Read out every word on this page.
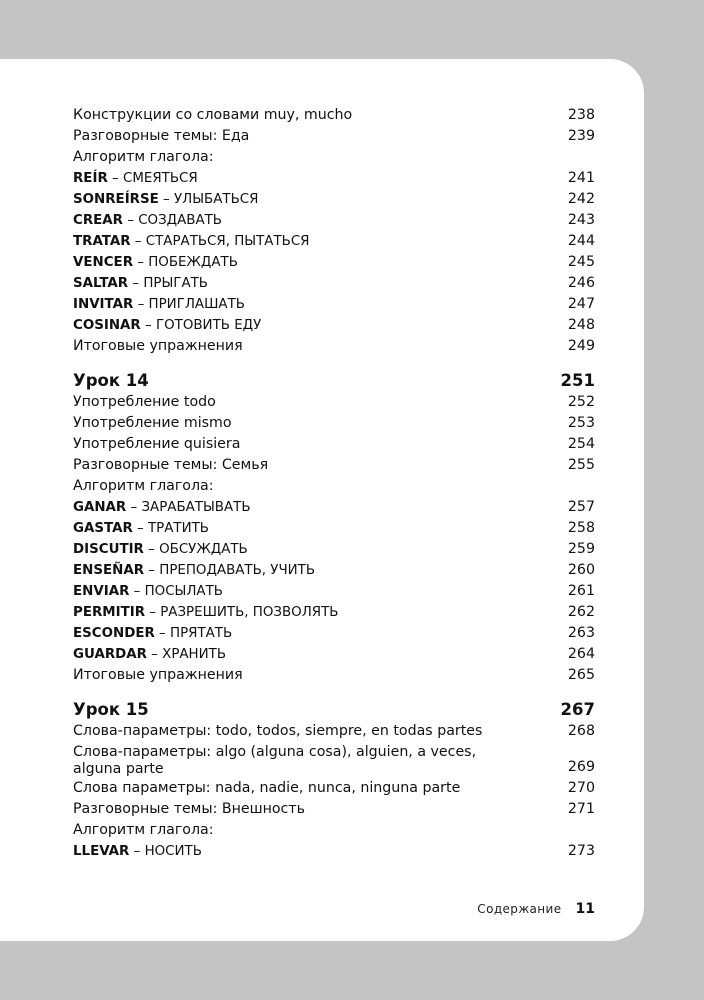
Конструкции со словами muy, mucho	238
Разговорные темы: Еда	239
Алгоритм глагола:
REÍR – СМЕЯТЬСЯ	241
SONREÍRSE – УЛЫБАТЬСЯ	242
CREAR – СОЗДАВАТЬ	243
TRATAR – СТАРАТЬСЯ, ПЫТАТЬСЯ	244
VENCER – ПОБЕЖДАТЬ	245
SALTAR – ПРЫГАТЬ	246
INVITAR – ПРИГЛАШАТЬ	247
COSINAR – ГОТОВИТЬ ЕДУ	248
Итоговые упражнения	249
Урок 14	251
Употребление todo	252
Употребление mismo	253
Употребление quisiera	254
Разговорные темы: Семья	255
Алгоритм глагола:
GANAR – ЗАРАБАТЫВАТЬ	257
GASTAR – ТРАТИТЬ	258
DISCUTIR – ОБСУЖДАТЬ	259
ENSEÑAR – ПРЕПОДАВАТЬ, УЧИТЬ	260
ENVIAR – ПОСЫЛАТЬ	261
PERMITIR – РАЗРЕШИТЬ, ПОЗВОЛЯТЬ	262
ESCONDER – ПРЯТАТЬ	263
GUARDAR – ХРАНИТЬ	264
Итоговые упражнения	265
Урок 15	267
Слова-параметры: todo, todos, siempre, en todas partes	268
Слова-параметры: algo (alguna cosa), alguien, a veces, alguna parte	269
Слова параметры: nada, nadie, nunca, ninguna parte	270
Разговорные темы: Внешность	271
Алгоритм глагола:
LLEVAR – НОСИТЬ	273
Содержание 11
